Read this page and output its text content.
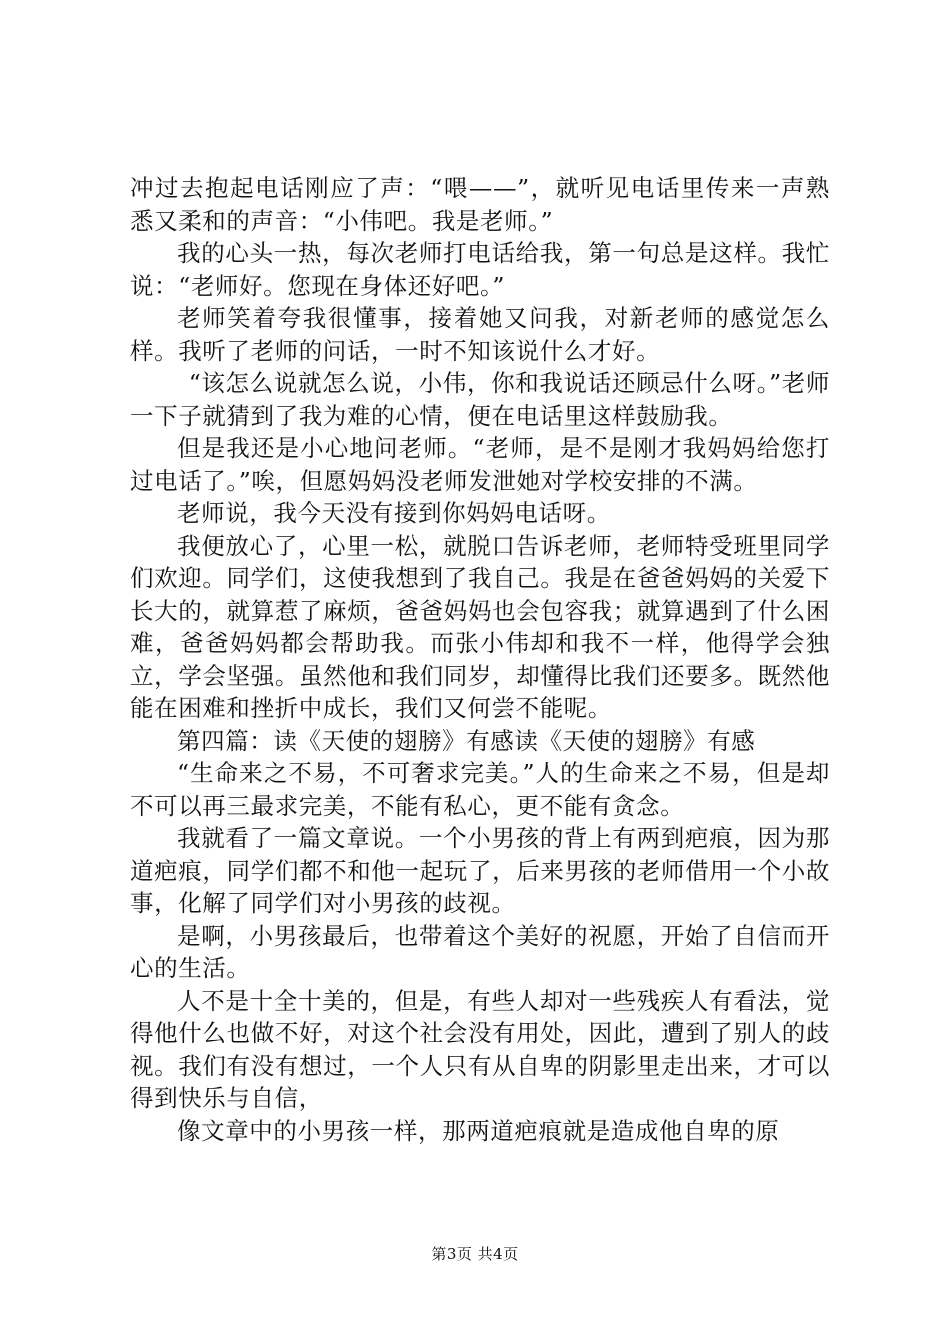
冲过去抱起电话刚应了声：“喂——”，就听见电话里传来一声熟悉又柔和的声音：“小伟吧。我是老师。”

我的心头一热，每次老师打电话给我，第一句总是这样。我忙说：“老师好。您现在身体还好吧。”

老师笑着夸我很懂事，接着她又问我，对新老师的感觉怎么样。我听了老师的问话，一时不知该说什么才好。

“该怎么说就怎么说，小伟，你和我说话还顾忌什么呀。”老师一下子就猜到了我为难的心情，便在电话里这样鼓励我。

但是我还是小心地问老师。“老师，是不是刚才我妈妈给您打过电话了。”唉，但愿妈妈没老师发泄她对学校安排的不满。

老师说，我今天没有接到你妈妈电话呀。

我便放心了，心里一松，就脱口告诉老师，老师特受班里同学们欢迎。同学们，这使我想到了我自己。我是在爸爸妈妈的关爱下长大的，就算惹了麻烦，爸爸妈妈也会包容我；就算遇到了什么困难，爸爸妈妈都会帮助我。而张小伟却和我不一样，他得学会独立，学会坚强。虽然他和我们同岁，却懂得比我们还要多。既然他能在困难和挫折中成长，我们又何尝不能呢。

第四篇：读《天使的翅膀》有感读《天使的翅膀》有感

“生命来之不易，不可奢求完美。”人的生命来之不易，但是却不可以再三最求完美，不能有私心，更不能有贪念。

我就看了一篇文章说。一个小男孩的背上有两到疤痕，因为那道疤痕，同学们都不和他一起玩了，后来男孩的老师借用一个小故事，化解了同学们对小男孩的歧视。

是啊，小男孩最后，也带着这个美好的祝愿，开始了自信而开心的生活。

人不是十全十美的，但是，有些人却对一些残疾人有看法，觉得他什么也做不好，对这个社会没有用处，因此，遭到了别人的歧视。我们有没有想过，一个人只有从自卑的阴影里走出来，才可以得到快乐与自信，

像文章中的小男孩一样，那两道疤痕就是造成他自卑的原

第3页 共4页
